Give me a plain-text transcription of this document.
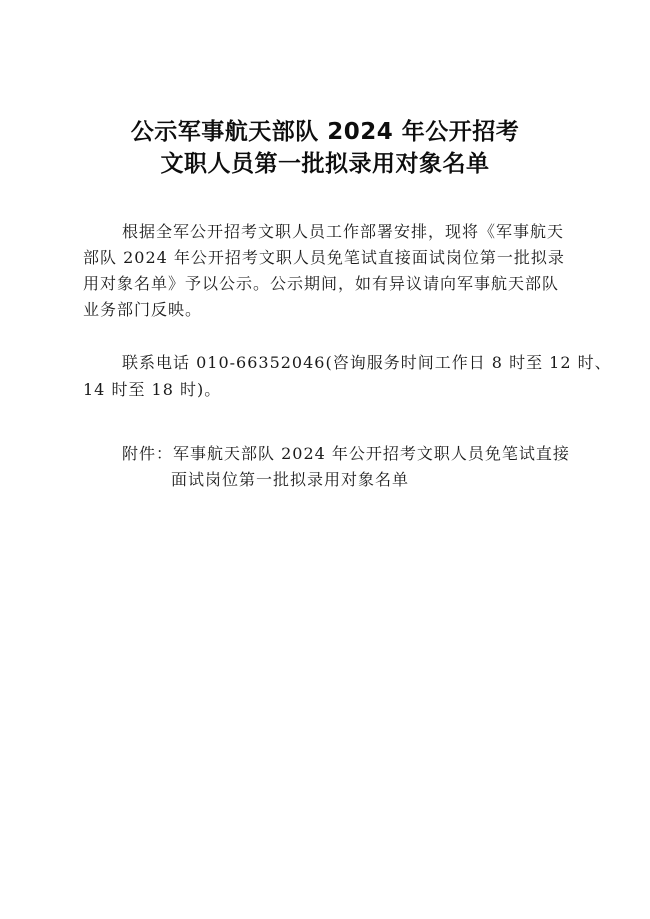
公示军事航天部队 2024 年公开招考
文职人员第一批拟录用对象名单
根据全军公开招考文职人员工作部署安排，现将《军事航天
部队 2024 年公开招考文职人员免笔试直接面试岗位第一批拟录
用对象名单》予以公示。公示期间，如有异议请向军事航天部队
业务部门反映。
联系电话 010-66352046(咨询服务时间工作日 8 时至 12 时、
14 时至 18 时)。
附件：军事航天部队 2024 年公开招考文职人员免笔试直接
面试岗位第一批拟录用对象名单
